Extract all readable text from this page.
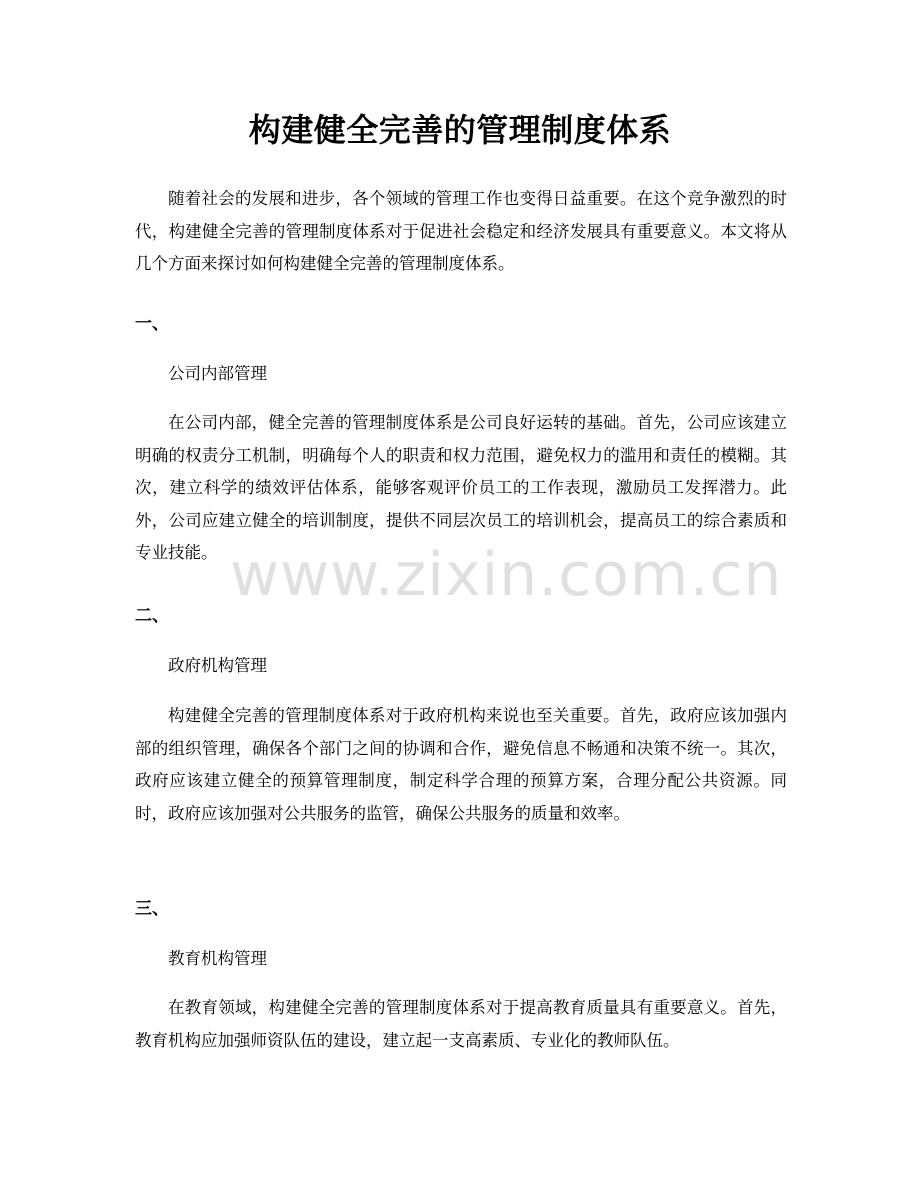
构建健全完善的管理制度体系

随着社会的发展和进步，各个领域的管理工作也变得日益重要。在这个竞争激烈的时代，构建健全完善的管理制度体系对于促进社会稳定和经济发展具有重要意义。本文将从几个方面来探讨如何构建健全完善的管理制度体系。

一、
公司内部管理

在公司内部，健全完善的管理制度体系是公司良好运转的基础。首先，公司应该建立明确的权责分工机制，明确每个人的职责和权力范围，避免权力的滥用和责任的模糊。其次，建立科学的绩效评估体系，能够客观评价员工的工作表现，激励员工发挥潜力。此外，公司应建立健全的培训制度，提供不同层次员工的培训机会，提高员工的综合素质和专业技能。

二、
政府机构管理

构建健全完善的管理制度体系对于政府机构来说也至关重要。首先，政府应该加强内部的组织管理，确保各个部门之间的协调和合作，避免信息不畅通和决策不统一。其次，政府应该建立健全的预算管理制度，制定科学合理的预算方案，合理分配公共资源。同时，政府应该加强对公共服务的监管，确保公共服务的质量和效率。

三、
教育机构管理

在教育领域，构建健全完善的管理制度体系对于提高教育质量具有重要意义。首先，教育机构应加强师资队伍的建设，建立起一支高素质、专业化的教师队伍。

www.zixin.com.cn
